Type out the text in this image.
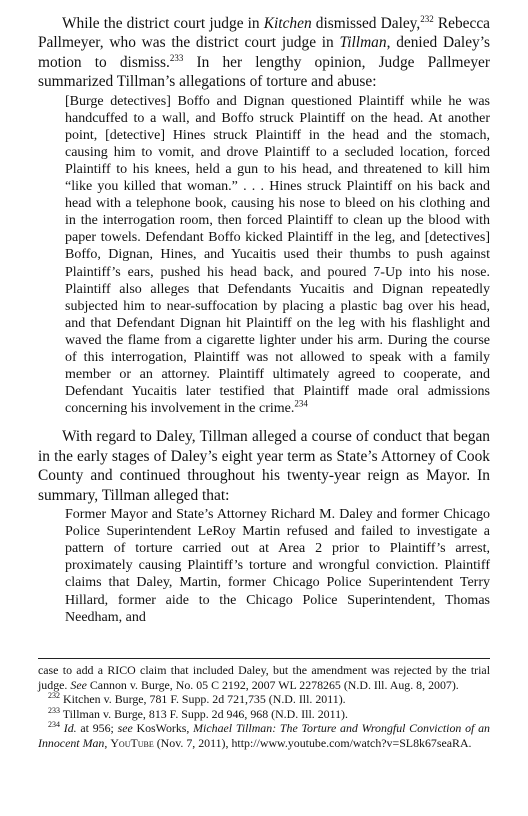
While the district court judge in Kitchen dismissed Daley,$^{232}$ Rebecca Pallmeyer, who was the district court judge in Tillman, denied Daley’s motion to dismiss.$^{233}$ In her lengthy opinion, Judge Pallmeyer summarized Tillman’s allegations of torture and abuse:

[Burge detectives] Boffo and Dignan questioned Plaintiff while he was handcuffed to a wall, and Boffo struck Plaintiff on the head. At another point, [detective] Hines struck Plaintiff in the head and the stomach, causing him to vomit, and drove Plaintiff to a secluded location, forced Plaintiff to his knees, held a gun to his head, and threatened to kill him “like you killed that woman.” . . . Hines struck Plaintiff on his back and head with a telephone book, causing his nose to bleed on his clothing and in the interrogation room, then forced Plaintiff to clean up the blood with paper towels. Defendant Boffo kicked Plaintiff in the leg, and [detectives] Boffo, Dignan, Hines, and Yucaitis used their thumbs to push against Plaintiff’s ears, pushed his head back, and poured 7-Up into his nose. Plaintiff also alleges that Defendants Yucaitis and Dignan repeatedly subjected him to near-suffocation by placing a plastic bag over his head, and that Defendant Dignan hit Plaintiff on the leg with his flashlight and waved the flame from a cigarette lighter under his arm. During the course of this interrogation, Plaintiff was not allowed to speak with a family member or an attorney. Plaintiff ultimately agreed to cooperate, and Defendant Yucaitis later testified that Plaintiff made oral admissions concerning his involvement in the crime.$^{234}$

With regard to Daley, Tillman alleged a course of conduct that began in the early stages of Daley’s eight year term as State’s Attorney of Cook County and continued throughout his twenty-year reign as Mayor. In summary, Tillman alleged that:

Former Mayor and State’s Attorney Richard M. Daley and former Chicago Police Superintendent LeRoy Martin refused and failed to investigate a pattern of torture carried out at Area 2 prior to Plaintiff’s arrest, proximately causing Plaintiff’s torture and wrongful conviction. Plaintiff claims that Daley, Martin, former Chicago Police Superintendent Terry Hillard, former aide to the Chicago Police Superintendent, Thomas Needham, and

case to add a RICO claim that included Daley, but the amendment was rejected by the trial judge. See Cannon v. Burge, No. 05 C 2192, 2007 WL 2278265 (N.D. Ill. Aug. 8, 2007).

$^{232}$ Kitchen v. Burge, 781 F. Supp. 2d 721,735 (N.D. Ill. 2011).

$^{233}$ Tillman v. Burge, 813 F. Supp. 2d 946, 968 (N.D. Ill. 2011).

$^{234}$ Id. at 956; see KosWorks, Michael Tillman: The Torture and Wrongful Conviction of an Innocent Man, YouTube (Nov. 7, 2011), http://www.youtube.com/watch?v=SL8k67seaRA.
